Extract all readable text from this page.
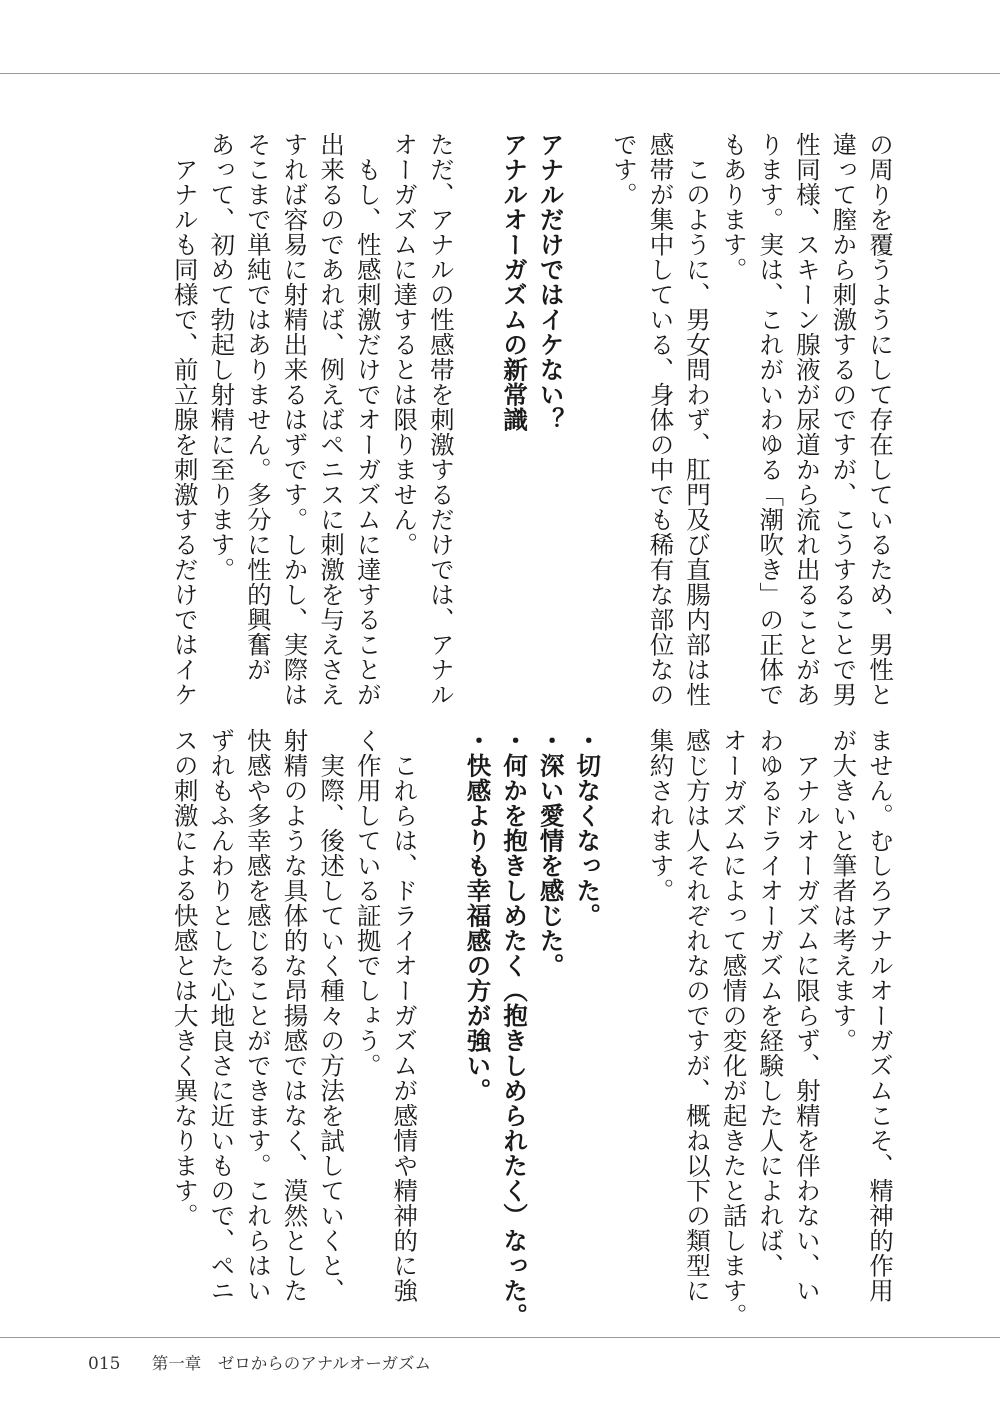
の周りを覆うようにして存在しているため、男性と
違って膣から刺激するのですが、こうすることで男
性同様、スキーン腺液が尿道から流れ出ることがあ
ります。実は、これがいわゆる「潮吹き」の正体で
もあります。
　このように、男女問わず、肛門及び直腸内部は性
感帯が集中している、身体の中でも稀有な部位なの
です。

アナルだけではイケない？
アナルオーガズムの新常識

ただ、アナルの性感帯を刺激するだけでは、アナル
オーガズムに達するとは限りません。
　もし、性感刺激だけでオーガズムに達することが
出来るのであれば、例えばペニスに刺激を与えさえ
すれば容易に射精出来るはずです。しかし、実際は
そこまで単純ではありません。多分に性的興奮が
あって、初めて勃起し射精に至ります。
　アナルも同様で、前立腺を刺激するだけではイケ
ません。むしろアナルオーガズムこそ、精神的作用
が大きいと筆者は考えます。
　アナルオーガズムに限らず、射精を伴わない、い
わゆるドライオーガズムを経験した人によれば、
オーガズムによって感情の変化が起きたと話します。
感じ方は人それぞれなのですが、概ね以下の類型に
集約されます。

・切なくなった。
・深い愛情を感じた。
・何かを抱きしめたく（抱きしめられたく）なった。
・快感よりも幸福感の方が強い。

　これらは、ドライオーガズムが感情や精神的に強
く作用している証拠でしょう。
　実際、後述していく種々の方法を試していくと、
射精のような具体的な昂揚感ではなく、漠然とした
快感や多幸感を感じることができます。これらはい
ずれもふんわりとした心地良さに近いもので、ペニ
スの刺激による快感とは大きく異なります。
015 第一章　ゼロからのアナルオーガズム
